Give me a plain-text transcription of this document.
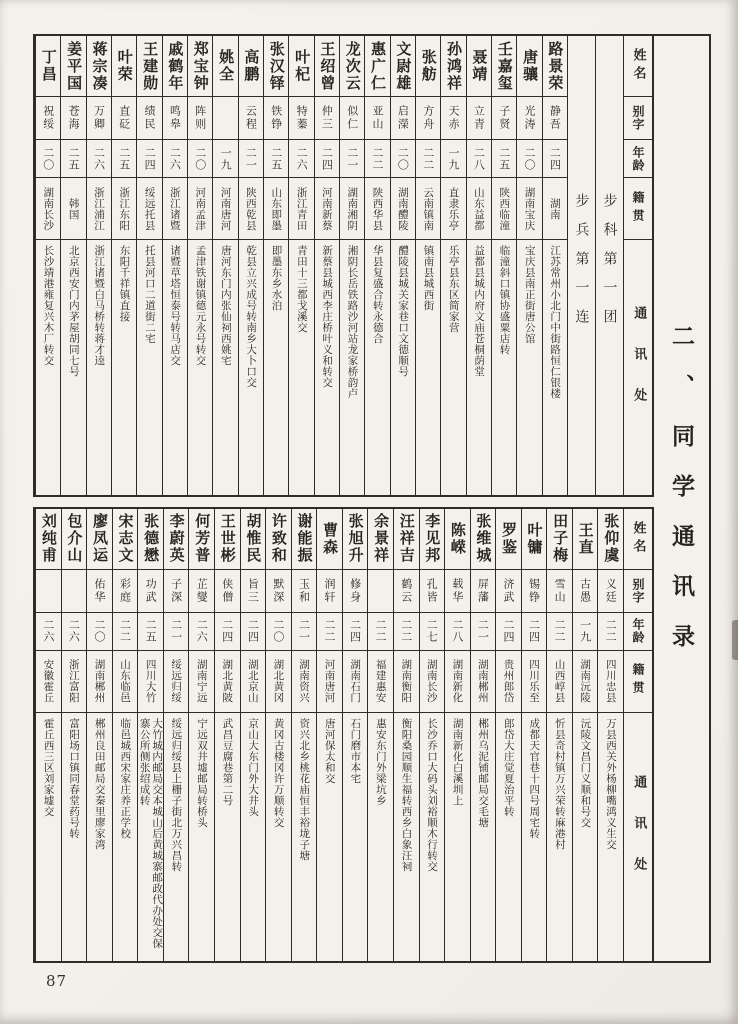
姓名
别字
年龄
籍贯
通讯处
步科第一团
步兵第一连
路景荣
静吾
二四
湖南
江苏常州小北门中街路恒仁银楼
唐骧
光涛
二〇
湖南宝庆
宝庆县南正街唐公馆
壬嘉玺
子贤
二五
陕西临潼
临潼斜口镇协盛粟店转
聂靖
立青
二八
山东益都
益都县城内府文庙苍桐荫堂
孙鸿祥
天赤
一九
直隶乐亭
乐亭县东区简家营
张舫
方舟
二二
云南镇南
镇南县城西街
文尉雄
启濚
二〇
湖南醴陵
醴陵县城关家巷口文德顺号
惠广仁
亚山
二二
陕西华县
华县复盛合转永德合
龙次云
似仁
二一
湖南湘阴
湘阴长岳铁路沙河站龙家桥韵卢
王绍曾
仲三
二四
河南新蔡
新蔡县城西李庄桥叶义和转交
叶杞
特蓁
二六
浙江青田
青田十三都戈溪交
张汉铎
铁铮
二五
山东即墨
即墨东乡水泊
高鹏
云程
二一
陕西乾县
乾县立兴成号转南乡大卜口交
姚全
一九
河南唐河
唐河东门内张仙祠西姚宅
郑宝钟
阵则
二〇
河南孟津
孟津铁谢镇德元永号转交
戚鹤年
鸣皋
二六
浙江诸暨
诸暨草塔恒泰号转马店交
王建勋
绩民
二四
绥远托县
托县河口二道街二宅
叶荣
直砭
二五
浙江东阳
东阳千祥镇直接
蒋宗凑
万卿
二六
浙江浦江
浙江诸暨白马桥转蒋才逵
姜平国
苍海
二五
韩国
北京西安门内茅屋胡同七号
丁昌
祝绥
二〇
湖南长沙
长沙靖港雍复兴木厂转交
姓名
别字
年龄
籍贯
通讯处
张仰虞
义廷
二二
四川忠县
万县西关外杨柳嘴鸿义生交
王直
古愚
一九
湖南沅陵
沅陵文昌门义顺和号交
田子梅
雪山
二二
山西崞县
忻县奇村镇万兴荣转麻港村
叶镛
锡铮
二四
四川乐至
成都天官巷十四号周宅转
罗鉴
济武
二四
贵州郎岱
郎岱大庄觉夏治平转
张维城
屏藩
二一
湖南郴州
郴州乌泥铺邮局交毛塘
陈嵘
载华
二八
湖南新化
湖南新化白溪圳上
李见邦
孔皆
二七
湖南长沙
长沙乔口大码头刘裕顺木行转交
汪祥吉
鹤云
二二
湖南衡阳
衡阳桑园顺生福转西乡白象汪祠
余景祥
二二
福建惠安
惠安东门外梁坑乡
张旭升
修身
二四
湖南石门
石门磨市本宅
曹森
润轩
二二
河南唐河
唐河保太和交
谢能振
玉和
二一
湖南资兴
资兴北乡桃花庙恒丰裕垅子塘
许致和
默深
二〇
湖北黄冈
黄冈古楼冈许万顺转交
胡惟民
旨三
二四
湖北京山
京山大东门外大井头
王世彬
侠僧
二四
湖北黄陂
武昌豆腐巷第二号
何芳普
芷燮
二六
湖南宁远
宁远双井墟邮局转桥头
李蔚英
子深
二一
绥远归绥
绥远归绥县上栅子街北万兴昌转
张德懋
功武
二五
四川大竹
大竹城内邮局交本城山后黄城寨邮政代办处交保寨公所侧张绍成转
宋志文
彩庭
二二
山东临邑
临邑城西宋家庄养正学校
廖凤运
佑华
二〇
湖南郴州
郴州良田邮局交秦里廖家湾
包介山
二六
浙江富阳
富阳场口镇同春堂药号转
刘纯甫
二六
安徽霍丘
霍丘西三区刘家墟交
二、同学通讯录
87
